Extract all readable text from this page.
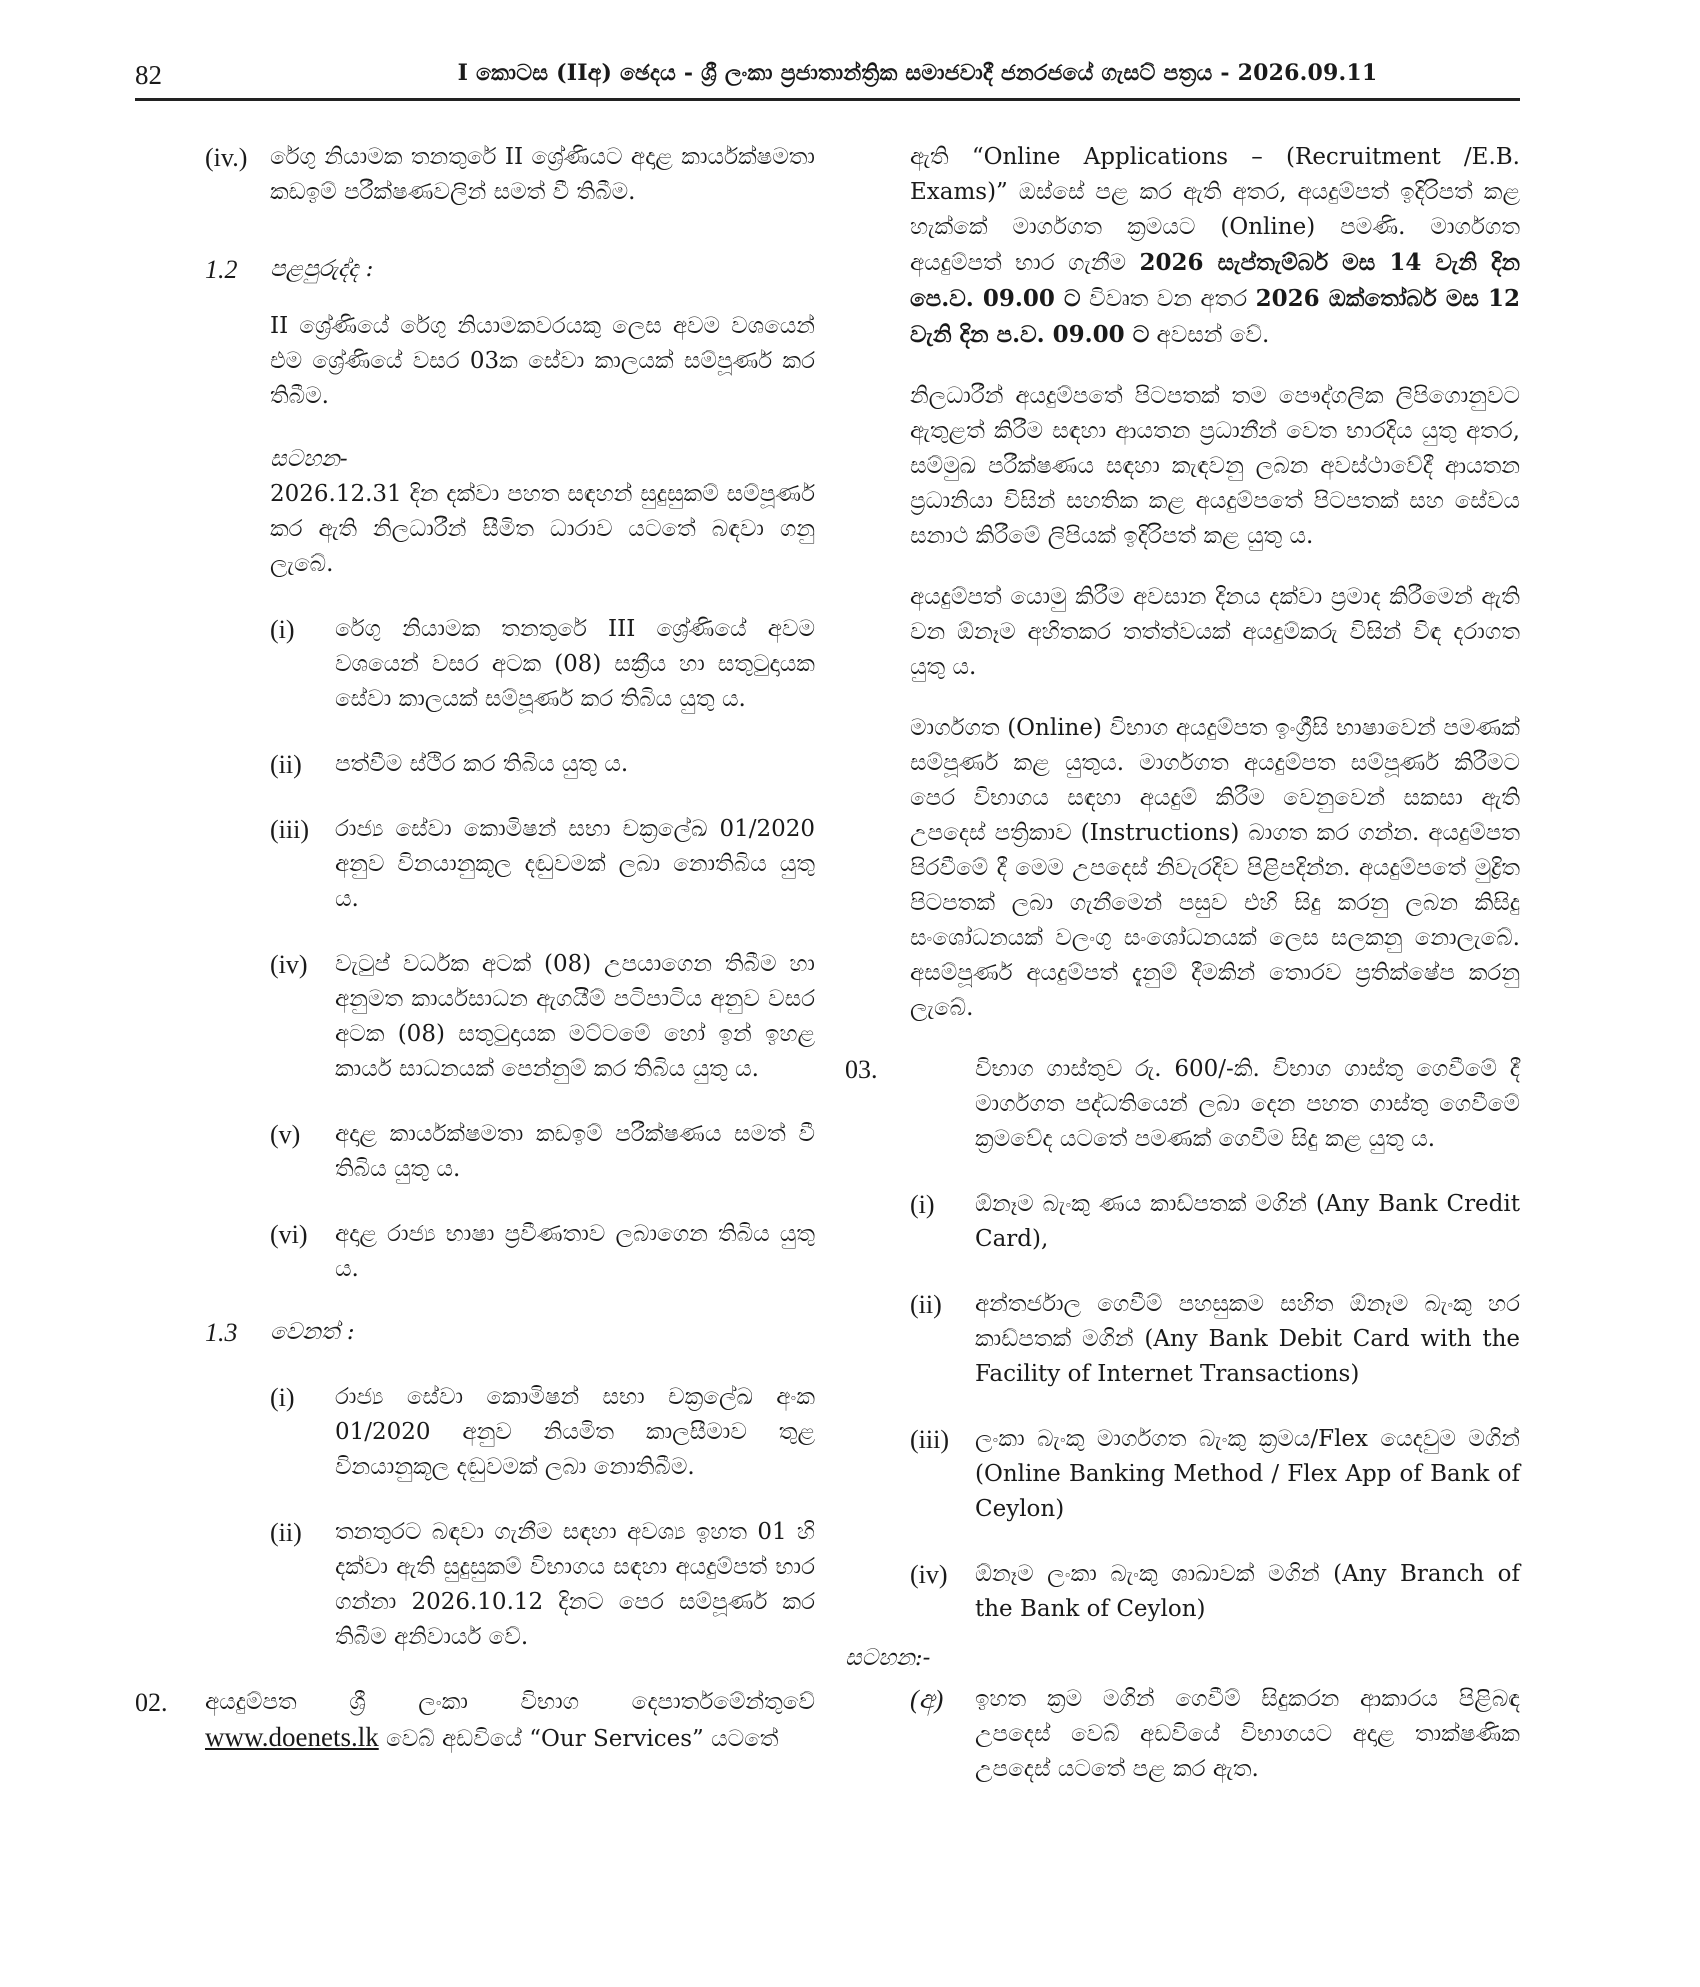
82	I කොටස (IIඅ) ඡෙදය - ශ්‍රී ලංකා ප්‍රජාතාන්ත්‍රික සමාජවාදී ජනරජයේ ගැසට් පත්‍රය - 2026.09.11
(iv.) රේගු නියාමක තනතුරේ II ශ්‍රේණියට අදාළ කාර්යක්ෂමතා කඩඉම් පරීක්ෂණවලින් සමත් වී තිබීම.

1.2 පළපුරුද්ද :

II ශ්‍රේණියේ රේගු නියාමකවරයකු ලෙස අවම වශයෙන් එම ශ්‍රේණියේ වසර 03ක සේවා කාලයක් සම්පූර්ණ කර තිබීම.

සටහන-

2026.12.31 දින දක්වා පහත සඳහන් සුදුසුකම් සම්පූර්ණ කර ඇති නිලධාරීන් සීමිත ධාරාව යටතේ බඳවා ගනු ලැබේ.

(i) රේගු නියාමක තනතුරේ III ශ්‍රේණියේ අවම වශයෙන් වසර අටක (08) සක්‍රීය හා සතුටුදායක සේවා කාලයක් සම්පූර්ණ කර තිබිය යුතු ය.

(ii) පත්වීම ස්ථිර කර තිබිය යුතු ය.

(iii) රාජ්‍ය සේවා කොමිෂන් සභා චක්‍රලේඛ 01/2020 අනුව විනයානුකූල දඬුවමක් ලබා නොතිබිය යුතු ය.

(iv) වැටුප් වර්ධක අටක් (08) උපයාගෙන තිබීම හා අනුමත කාර්යසාධන ඇගයීම් පටිපාටිය අනුව වසර අටක (08) සතුටුදායක මට්ටමේ හෝ ඉන් ඉහළ කාර්ය සාධනයක් පෙන්නුම් කර තිබිය යුතු ය.

(v) අදාළ කාර්යක්ෂමතා කඩඉම් පරීක්ෂණය සමත් වී තිබිය යුතු ය.

(vi) අදාළ රාජ්‍ය භාෂා ප්‍රවීණතාව ලබාගෙන තිබිය යුතු ය.

1.3 වෙනත් :

(i) රාජ්‍ය සේවා කොමිෂන් සභා චක්‍රලේඛ අංක 01/2020 අනුව නියමිත කාලසීමාව තුළ විනයානුකූල දඬුවමක් ලබා නොතිබීම.

(ii) තනතුරට බඳවා ගැනීම සඳහා අවශ්‍ය ඉහත 01 හි දක්වා ඇති සුදුසුකම් විභාගය සඳහා අයදුම්පත් භාර ගන්නා 2026.10.12 දිනට පෙර සම්පූර්ණ කර තිබීම අනිවාර්ය වේ.

02. අයදුම්පත ශ්‍රී ලංකා විභාග දෙපාර්තමේන්තුවේ www.doenets.lk වෙබ් අඩවියේ “Our Services” යටතේ

ඇති “Online Applications – (Recruitment /E.B. Exams)” ඔස්සේ පළ කර ඇති අතර, අයදුම්පත් ඉදිරිපත් කළ හැක්කේ මාර්ගගත ක්‍රමයට (Online) පමණි. මාර්ගගත අයදුම්පත් භාර ගැනීම 2026 සැප්තැම්බර් මස 14 වැනි දින පෙ.ව. 09.00 ට විවෘත වන අතර 2026 ඔක්තෝබර් මස 12 වැනි දින ප.ව. 09.00 ට අවසන් වේ.

නිලධාරීන් අයදුම්පතේ පිටපතක් තම පෞද්ගලික ලිපිගොනුවට ඇතුළත් කිරීම සඳහා ආයතන ප්‍රධානීන් වෙත භාරදිය යුතු අතර, සම්මුඛ පරීක්ෂණය සඳහා කැඳවනු ලබන අවස්ථාවේදී ආයතන ප්‍රධානියා විසින් සහතික කළ අයදුම්පතේ පිටපතක් සහ සේවය සනාථ කිරීමේ ලිපියක් ඉදිරිපත් කළ යුතු ය.

අයදුම්පත් යොමු කිරීම අවසාන දිනය දක්වා ප්‍රමාද කිරීමෙන් ඇති වන ඕනෑම අහිතකර තත්ත්වයක් අයදුම්කරු විසින් විඳ දරාගත යුතු ය.

මාර්ගගත (Online) විභාග අයදුම්පත ඉංග්‍රීසි භාෂාවෙන් පමණක් සම්පූර්ණ කළ යුතුය. මාර්ගගත අයදුම්පත සම්පූර්ණ කිරීමට පෙර විභාගය සඳහා අයදුම් කිරීම වෙනුවෙන් සකසා ඇති උපදෙස් පත්‍රිකාව (Instructions) බාගත කර ගන්න. අයදුම්පත පිරවීමේ දී මෙම උපදෙස් නිවැරදිව පිළිපදින්න. අයදුම්පතේ මුද්‍රිත පිටපතක් ලබා ගැනීමෙන් පසුව එහි සිදු කරනු ලබන කිසිදු සංශෝධනයක් වලංගු සංශෝධනයක් ලෙස සලකනු නොලැබේ. අසම්පූර්ණ අයදුම්පත් දැනුම් දීමකින් තොරව ප්‍රතික්ෂේප කරනු ලැබේ.

03.	විභාග ගාස්තුව රු. 600/-කි. විභාග ගාස්තු ගෙවීමේ දී මාර්ගගත පද්ධතියෙන් ලබා දෙන පහත ගාස්තු ගෙවීමේ ක්‍රමවේද යටතේ පමණක් ගෙවීම සිදු කළ යුතු ය.

(i) ඕනෑම බැංකු ණය කාඩ්පතක් මගින් (Any Bank Credit Card),

(ii) අන්තර්ජාල ගෙවීම් පහසුකම සහිත ඕනෑම බැංකු හර කාඩ්පතක් මගින් (Any Bank Debit Card with the Facility of Internet Transactions)

(iii) ලංකා බැංකු මාර්ගගත බැංකු ක්‍රමය/Flex යෙදවුම මගින් (Online Banking Method / Flex App of Bank of Ceylon)

(iv) ඕනෑම ලංකා බැංකු ශාඛාවක් මගින් (Any Branch of the Bank of Ceylon)

සටහන:-

(අ) ඉහත ක්‍රම මගින් ගෙවීම් සිදුකරන ආකාරය පිළිබඳ උපදෙස් වෙබ් අඩවියේ විභාගයට අදාළ තාක්ෂණික උපදෙස් යටතේ පළ කර ඇත.
